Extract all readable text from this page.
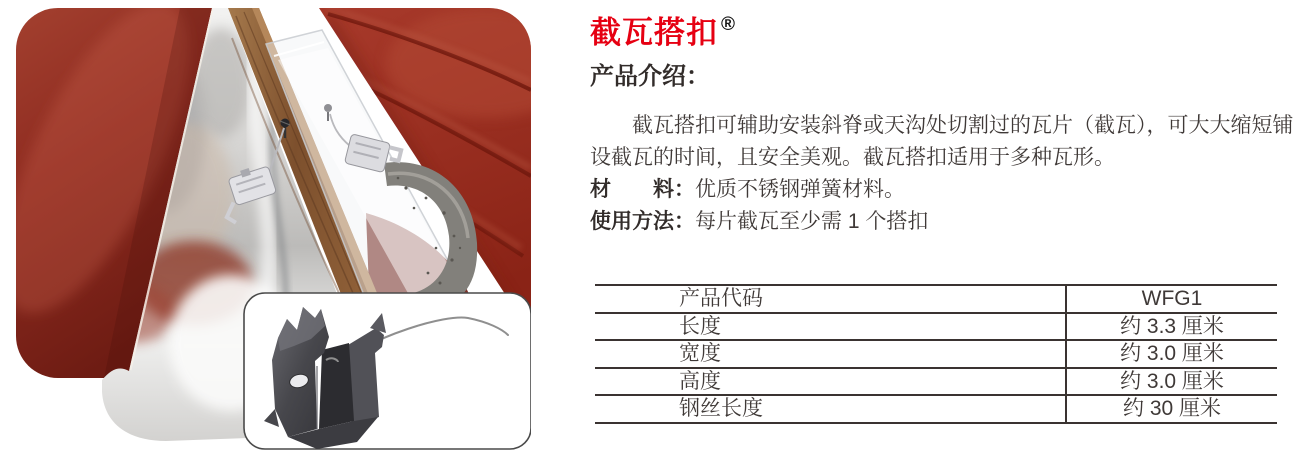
截瓦搭扣 ®
产品介绍：

截瓦搭扣可辅助安装斜脊或天沟处切割过的瓦片（截瓦），可大大缩短铺设截瓦的时间，且安全美观。截瓦搭扣适用于多种瓦形。

材　　料：优质不锈钢弹簧材料。
使用方法：每片截瓦至少需 1 个搭扣
产品代码	WFG1
长度	约 3.3 厘米
宽度	约 3.0 厘米
高度	约 3.0 厘米
钢丝长度	约 30 厘米
